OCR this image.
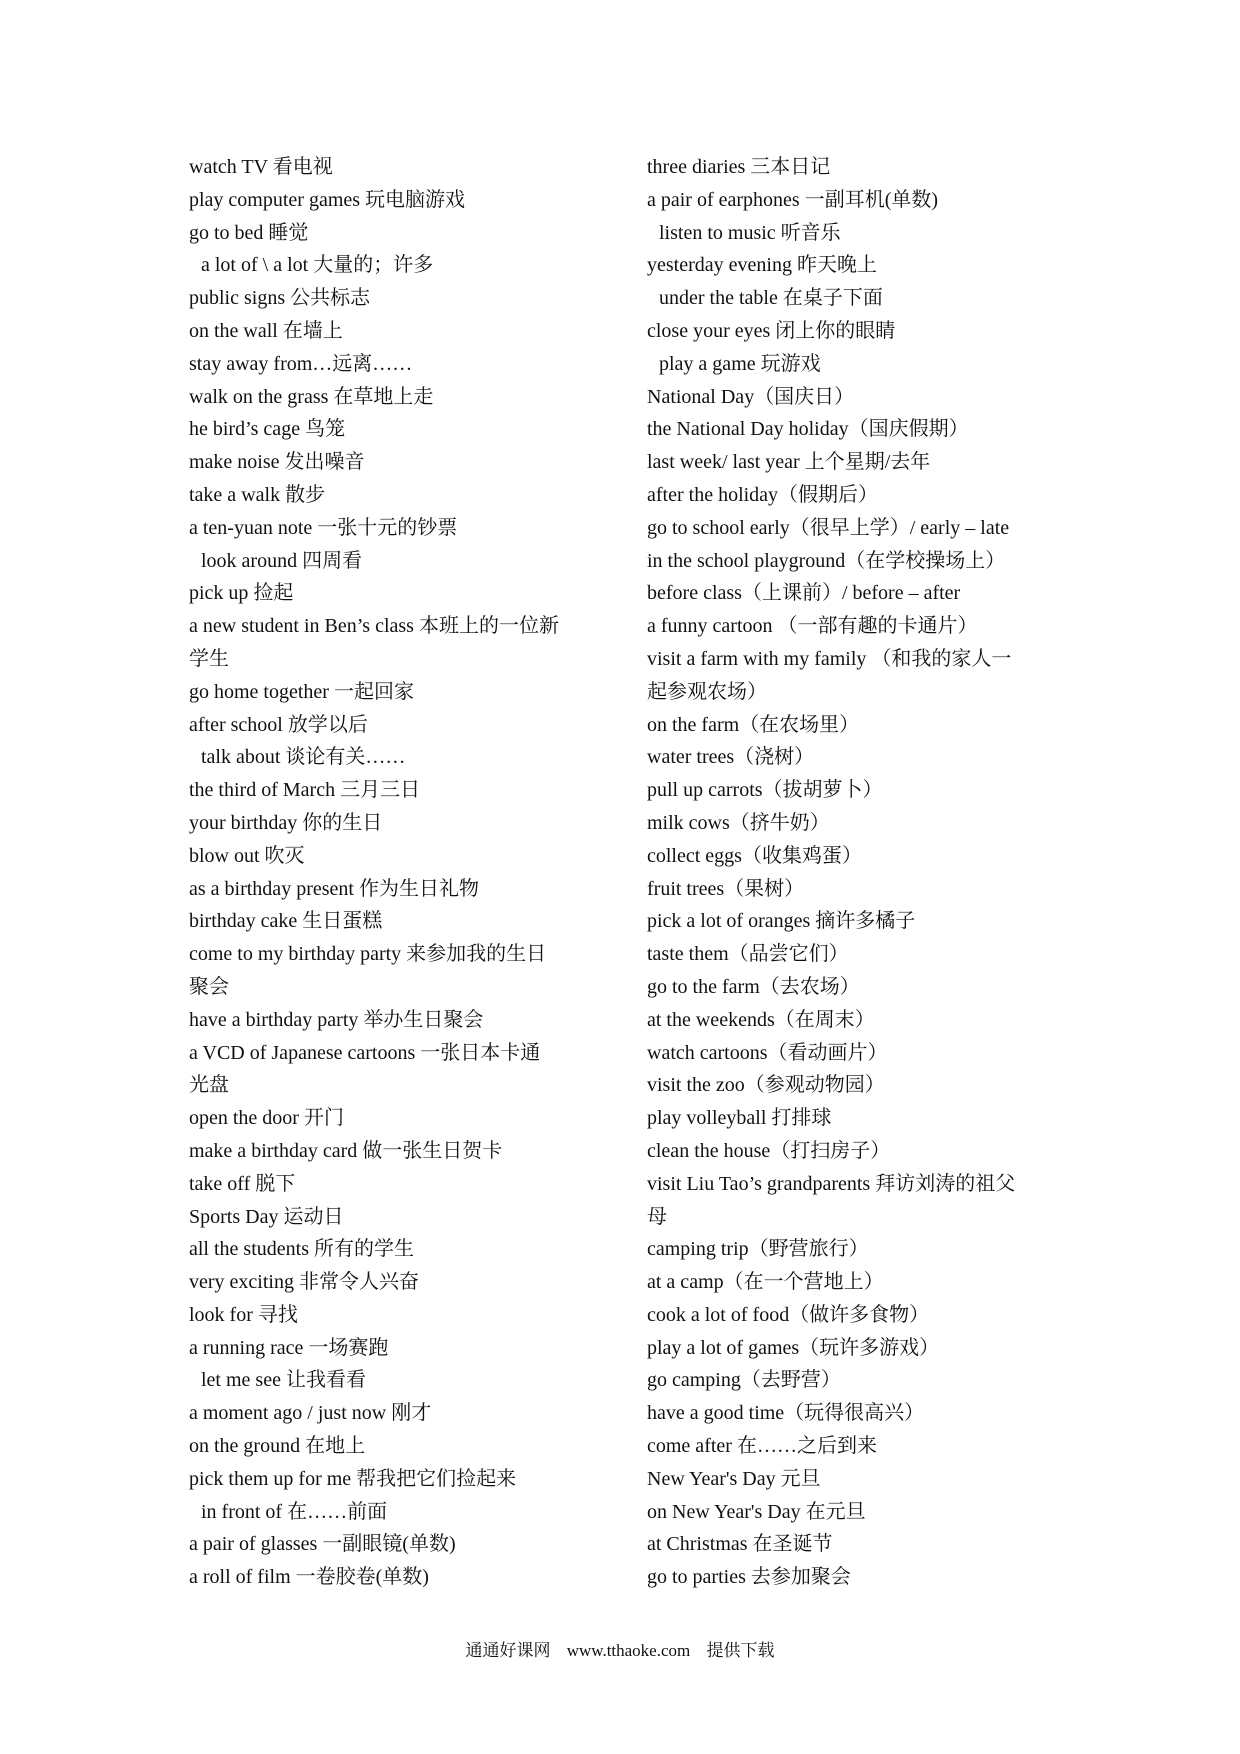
watch TV 看电视
play computer games 玩电脑游戏
go to bed 睡觉
a lot of \ a lot 大量的；许多
public signs 公共标志
on the wall 在墙上
stay away from…远离……
walk on the grass 在草地上走
he bird’s cage 鸟笼
make noise 发出噪音
take a walk 散步
a ten-yuan note 一张十元的钞票
look around 四周看
pick up 捡起
a new student in Ben’s class 本班上的一位新
学生
go home together 一起回家
after school 放学以后
talk about 谈论有关……
the third of March 三月三日
your birthday 你的生日
blow out 吹灭
as a birthday present 作为生日礼物
birthday cake 生日蛋糕
come to my birthday party 来参加我的生日
聚会
have a birthday party 举办生日聚会
a VCD of Japanese cartoons 一张日本卡通
光盘
open the door 开门
make a birthday card 做一张生日贺卡
take off 脱下
Sports Day 运动日
all the students 所有的学生
very exciting 非常令人兴奋
look for 寻找
a running race 一场赛跑
let me see 让我看看
a moment ago / just now 刚才
on the ground 在地上
pick them up for me 帮我把它们捡起来
in front of 在……前面
a pair of glasses 一副眼镜(单数)
a roll of film 一卷胶卷(单数)
three diaries 三本日记
a pair of earphones 一副耳机(单数)
listen to music 听音乐
yesterday evening 昨天晚上
under the table 在桌子下面
close your eyes 闭上你的眼睛
play a game 玩游戏
National Day（国庆日）
the National Day holiday（国庆假期）
last week/ last year 上个星期/去年
after the holiday（假期后）
go to school early（很早上学）/ early – late
in the school playground（在学校操场上）
before class（上课前）/ before – after
a funny cartoon （一部有趣的卡通片）
visit a farm with my family （和我的家人一
起参观农场）
on the farm（在农场里）
water trees（浇树）
pull up carrots（拔胡萝卜）
milk cows（挤牛奶）
collect eggs（收集鸡蛋）
fruit trees（果树）
pick a lot of oranges 摘许多橘子
taste them（品尝它们）
go to the farm（去农场）
at the weekends（在周末）
watch cartoons（看动画片）
visit the zoo（参观动物园）
play volleyball 打排球
clean the house（打扫房子）
visit Liu Tao’s grandparents 拜访刘涛的祖父
母
camping trip（野营旅行）
at a camp（在一个营地上）
cook a lot of food（做许多食物）
play a lot of games（玩许多游戏）
go camping（去野营）
have a good time（玩得很高兴）
come after 在……之后到来
New Year's Day 元旦
on New Year's Day 在元旦
at Christmas 在圣诞节
go to parties 去参加聚会
通通好课网 www.tthaoke.com 提供下载
